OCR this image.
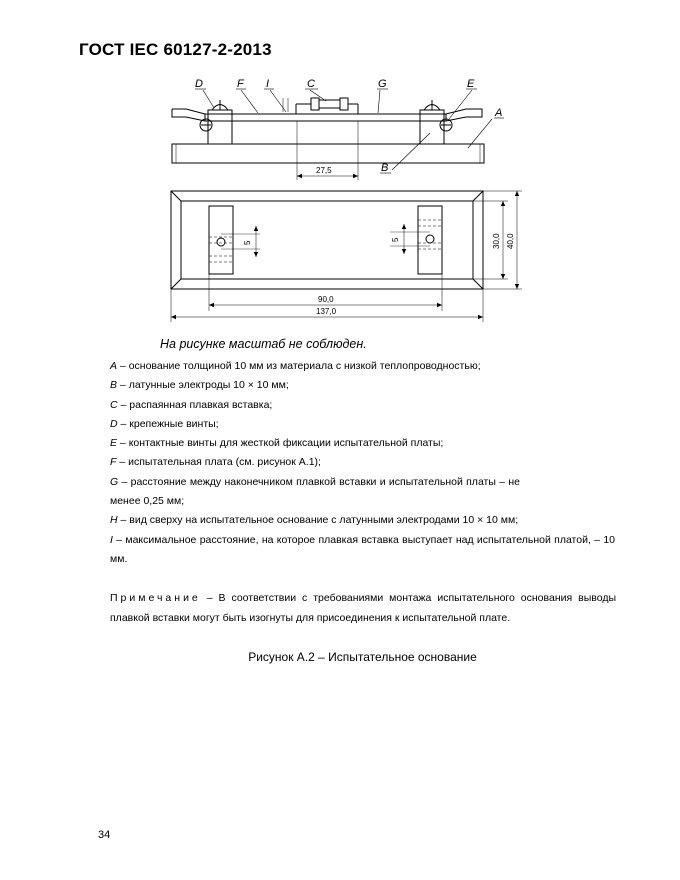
ГОСТ IEC 60127-2-2013
D	F I	C	G	E
A
B
27,5
90,0
137,0
5
5	30,0 40,0
На рисунке масштаб не соблюден.
A – основание толщиной 10 мм из материала с низкой теплопроводностью;
B – латунные электроды 10 × 10 мм;
C – распаянная плавкая вставка;
D – крепежные винты;
E – контактные винты для жесткой фиксации испытательной платы;
F – испытательная плата (см. рисунок А.1);
G – расстояние между наконечником плавкой вставки и испытательной платы – не менее 0,25 мм;
H – вид сверху на испытательное основание с латунными электродами 10 × 10 мм;
I – максимальное расстояние, на которое плавкая вставка выступает над испытательной платой, – 10 мм.
Примечание – В соответствии с требованиями монтажа испытательного основания выводы плавкой вставки могут быть изогнуты для присоединения к испытательной плате.
Рисунок А.2 – Испытательное основание
34
